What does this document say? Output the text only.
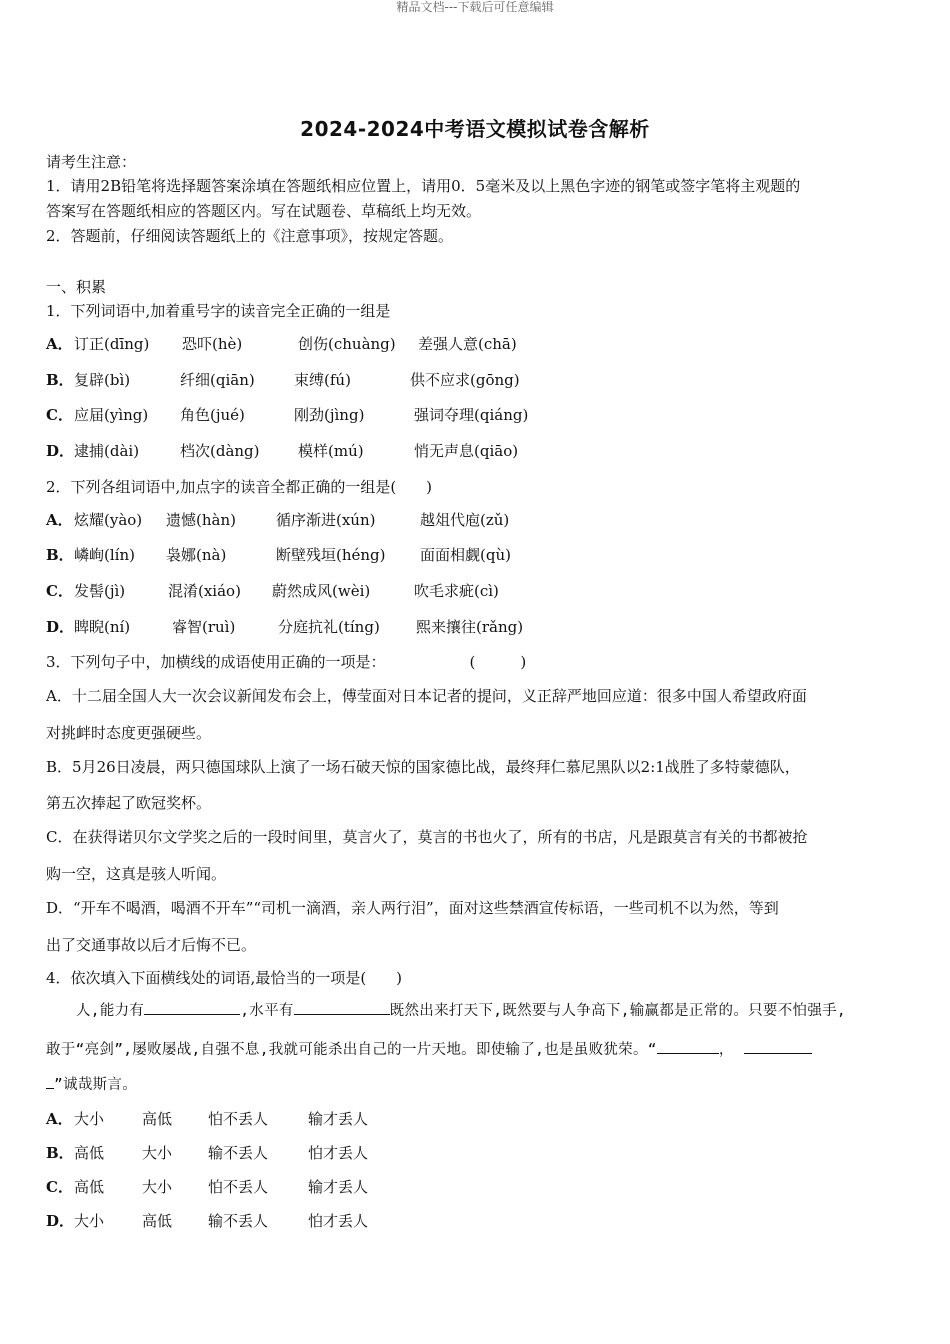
精品文档---下载后可任意编辑
2024-2024中考语文模拟试卷含解析
请考生注意：
1．请用2B铅笔将选择题答案涂填在答题纸相应位置上，请用0．5毫米及以上黑色字迹的钢笔或签字笔将主观题的
答案写在答题纸相应的答题区内。写在试题卷、草稿纸上均无效。
2．答题前，仔细阅读答题纸上的《注意事项》，按规定答题。
一、积累
1．下列词语中,加着重号字的读音完全正确的一组是
A．订正(dīng) 恐吓(hè)	创伤(chuàng) 差强人意(chā)
B．复辟(bì)	纤细(qiān)	束缚(fú)	供不应求(gōng)
C．应届(yìng) 角色(jué)	刚劲(jìng)	强词夺理(qiáng)
D．逮捕(dài)	档次(dàng)	模样(mú)	悄无声息(qiāo)
2．下列各组词语中,加点字的读音全都正确的一组是(　　)
A．炫耀(yào) 遗憾(hàn)	循序渐进(xún)	越俎代庖(zǔ)
B．嶙峋(lín) 袅娜(nà)	断壁残垣(héng) 面面相觑(qù)
C．发髻(jì)	混淆(xiáo) 蔚然成风(wèi)	吹毛求疵(cì)
D．睥睨(ní)	睿智(ruì)	分庭抗礼(tíng) 熙来攘往(rǎng)
3．下列句子中，加横线的成语使用正确的一项是：	(　　　)
A．十二届全国人大一次会议新闻发布会上，傅莹面对日本记者的提问，义正辞严地回应道：很多中国人希望政府面
对挑衅时态度更强硬些。
B．5月26日凌晨，两只德国球队上演了一场石破天惊的国家德比战，最终拜仁慕尼黑队以2:1战胜了多特蒙德队，
第五次捧起了欧冠奖杯。
C．在获得诺贝尔文学奖之后的一段时间里，莫言火了，莫言的书也火了，所有的书店，凡是跟莫言有关的书都被抢
购一空，这真是骇人听闻。
D．“开车不喝酒，喝酒不开车”“司机一滴酒，亲人两行泪”，面对这些禁酒宣传标语，一些司机不以为然，等到
出了交通事故以后才后悔不已。
4．依次填入下面横线处的词语,最恰当的一项是(　　)
人,能力有	,水平有	既然出来打天下,既然要与人争高下,输赢都是正常的。只要不怕强手,
敢于“亮剑”,屡败屡战,自强不息,我就可能杀出自己的一片天地。即使输了,也是虽败犹荣。“	，
”诚哉斯言。
A．大小	高低 怕不丢人	输才丢人
B．高低	大小 输不丢人	怕才丢人
C．高低	大小 怕不丢人	输才丢人
D．大小	高低 输不丢人	怕才丢人
